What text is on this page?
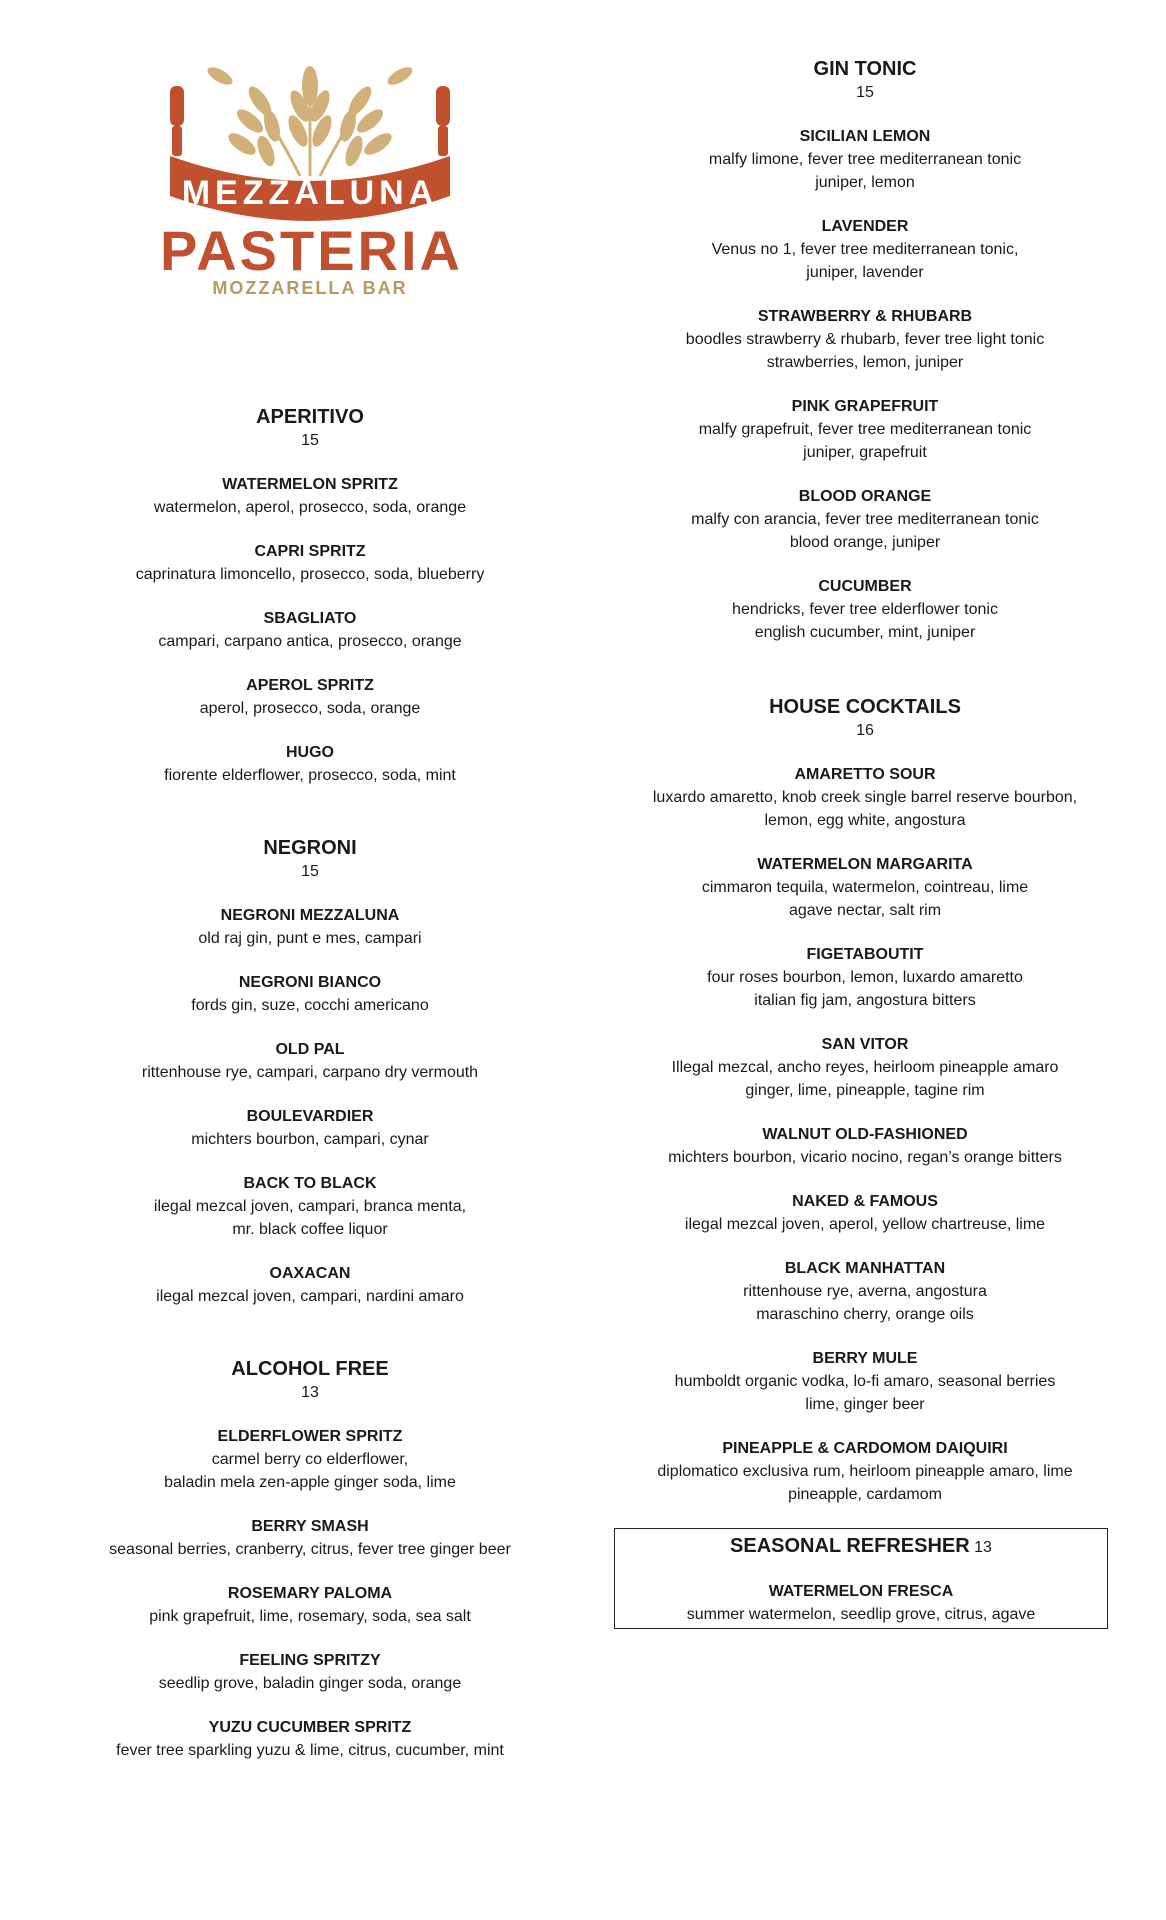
MEZZALUNA
PASTERIA
MOZZARELLA BAR
APERITIVO
15
WATERMELON SPRITZ
watermelon, aperol, prosecco, soda, orange
CAPRI SPRITZ
caprinatura limoncello, prosecco, soda, blueberry
SBAGLIATO
campari, carpano antica, prosecco, orange
APEROL SPRITZ
aperol, prosecco, soda, orange
HUGO
fiorente elderflower, prosecco, soda, mint
NEGRONI
15
NEGRONI MEZZALUNA
old raj gin, punt e mes, campari
NEGRONI BIANCO
fords gin, suze, cocchi americano
OLD PAL
rittenhouse rye, campari, carpano dry vermouth
BOULEVARDIER
michters bourbon, campari, cynar
BACK TO BLACK
ilegal mezcal joven, campari, branca menta,
mr. black coffee liquor
OAXACAN
ilegal mezcal joven, campari, nardini amaro
ALCOHOL FREE
13
ELDERFLOWER SPRITZ
carmel berry co elderflower,
baladin mela zen-apple ginger soda, lime
BERRY SMASH
seasonal berries, cranberry, citrus, fever tree ginger beer
ROSEMARY PALOMA
pink grapefruit, lime, rosemary, soda, sea salt
FEELING SPRITZY
seedlip grove, baladin ginger soda, orange
YUZU CUCUMBER SPRITZ
fever tree sparkling yuzu & lime, citrus, cucumber, mint
GIN TONIC
15
SICILIAN LEMON
malfy limone, fever tree mediterranean tonic
juniper, lemon
LAVENDER
Venus no 1, fever tree mediterranean tonic,
juniper, lavender
STRAWBERRY & RHUBARB
boodles strawberry & rhubarb, fever tree light tonic
strawberries, lemon, juniper
PINK GRAPEFRUIT
malfy grapefruit, fever tree mediterranean tonic
juniper, grapefruit
BLOOD ORANGE
malfy con arancia, fever tree mediterranean tonic
blood orange, juniper
CUCUMBER
hendricks, fever tree elderflower tonic
english cucumber, mint, juniper
HOUSE COCKTAILS
16
AMARETTO SOUR
luxardo amaretto, knob creek single barrel reserve bourbon,
lemon, egg white, angostura
WATERMELON MARGARITA
cimmaron tequila, watermelon, cointreau, lime
agave nectar, salt rim
FIGETABOUTIT
four roses bourbon, lemon, luxardo amaretto
italian fig jam, angostura bitters
SAN VITOR
Illegal mezcal, ancho reyes, heirloom pineapple amaro
ginger, lime, pineapple, tagine rim
WALNUT OLD-FASHIONED
michters bourbon, vicario nocino, regan’s orange bitters
NAKED & FAMOUS
ilegal mezcal joven, aperol, yellow chartreuse, lime
BLACK MANHATTAN
rittenhouse rye, averna, angostura
maraschino cherry, orange oils
BERRY MULE
humboldt organic vodka, lo-fi amaro, seasonal berries
lime, ginger beer
PINEAPPLE & CARDOMOM DAIQUIRI
diplomatico exclusiva rum, heirloom pineapple amaro, lime
pineapple, cardamom
SEASONAL REFRESHER 13
WATERMELON FRESCA
summer watermelon, seedlip grove, citrus, agave
